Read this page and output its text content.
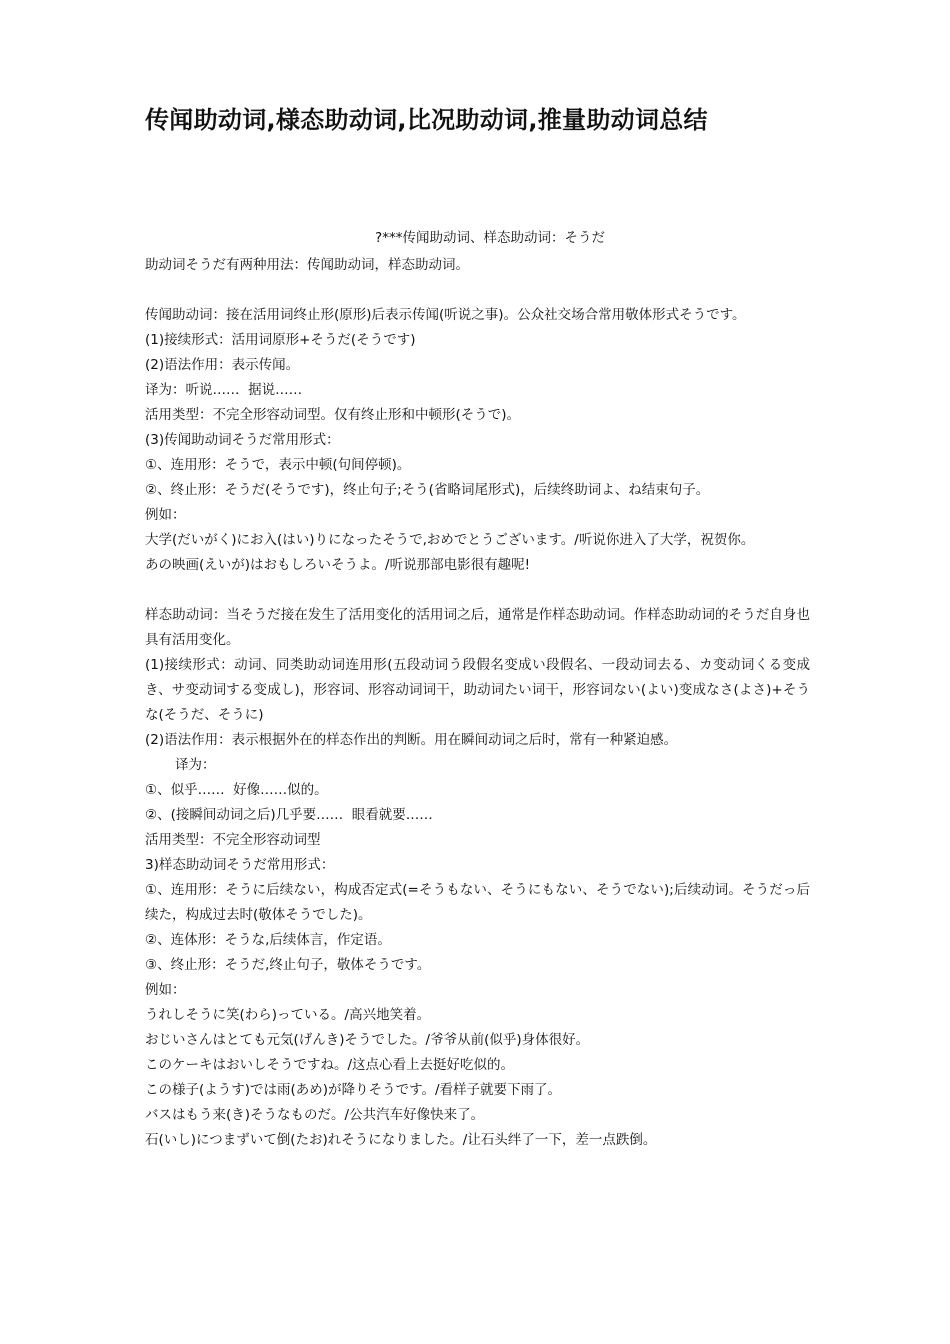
传闻助动词,様态助动词,比况助动词,推量助动词总结
?***传闻助动词、样态助动词：そうだ
助动词そうだ有两种用法：传闻助动词，样态助动词。
传闻助动词：接在活用词终止形(原形)后表示传闻(听说之事)。公众社交场合常用敬体形式そうです。
(1)接续形式：活用词原形+そうだ(そうです)
(2)语法作用：表示传闻。
译为：听说……  据说……
活用类型：不完全形容动词型。仅有终止形和中顿形(そうで)。
(3)传闻助动词そうだ常用形式：
①、连用形：そうで，表示中顿(句间停顿)。
②、终止形：そうだ(そうです)，终止句子;そう(省略词尾形式)，后续终助词よ、ね结束句子。
例如：
大学(だいがく)にお入(はい)りになったそうで,おめでとうございます。/听说你进入了大学，祝贺你。
あの映画(えいが)はおもしろいそうよ。/听说那部电影很有趣呢!
样态助动词：当そうだ接在发生了活用变化的活用词之后，通常是作样态助动词。作样态助动词的そうだ自身也具有活用变化。
(1)接续形式：动词、同类助动词连用形(五段动词う段假名变成い段假名、一段动词去る、カ变动词くる变成き、サ变动词する变成し)，形容词、形容动词词干，助动词たい词干，形容词ない(よい)变成なさ(よさ)+そうな(そうだ、そうに)
(2)语法作用：表示根据外在的样态作出的判断。用在瞬间动词之后时，常有一种紧迫感。
译为：
①、似乎……  好像……似的。
②、(接瞬间动词之后)几乎要……  眼看就要……
活用类型：不完全形容动词型
3)样态助动词そうだ常用形式：
①、连用形：そうに后续ない，构成否定式(=そうもない、そうにもない、そうでない);后续动词。そうだっ后续た，构成过去时(敬体そうでした)。
②、连体形：そうな,后续体言，作定语。
③、终止形：そうだ,终止句子，敬体そうです。
例如：
うれしそうに笑(わら)っている。/高兴地笑着。
おじいさんはとても元気(げんき)そうでした。/爷爷从前(似乎)身体很好。
このケーキはおいしそうですね。/这点心看上去挺好吃似的。
この様子(ようす)では雨(あめ)が降りそうです。/看样子就要下雨了。
バスはもう来(き)そうなものだ。/公共汽车好像快来了。
石(いし)につまずいて倒(たお)れそうになりました。/让石头绊了一下，差一点跌倒。
